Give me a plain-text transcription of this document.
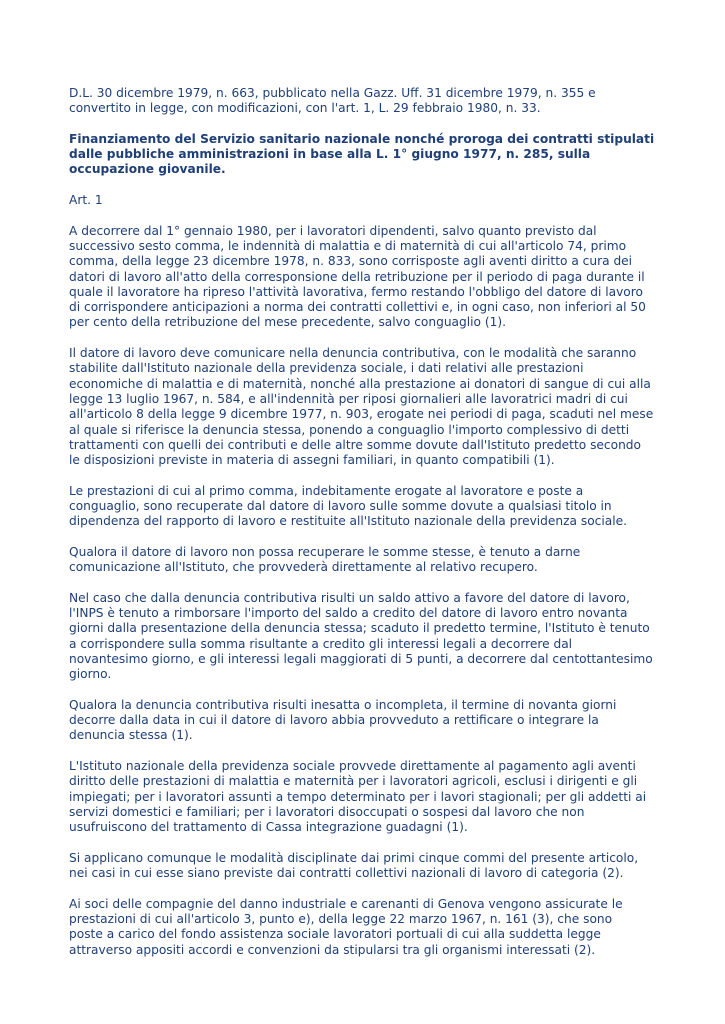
D.L. 30 dicembre 1979, n. 663, pubblicato nella Gazz. Uff. 31 dicembre 1979, n. 355 e
convertito in legge, con modificazioni, con l'art. 1, L. 29 febbraio 1980, n. 33.

Finanziamento del Servizio sanitario nazionale nonché proroga dei contratti stipulati
dalle pubbliche amministrazioni in base alla L. 1° giugno 1977, n. 285, sulla
occupazione giovanile.

Art. 1

A decorrere dal 1° gennaio 1980, per i lavoratori dipendenti, salvo quanto previsto dal
successivo sesto comma, le indennità di malattia e di maternità di cui all'articolo 74, primo
comma, della legge 23 dicembre 1978, n. 833, sono corrisposte agli aventi diritto a cura dei
datori di lavoro all'atto della corresponsione della retribuzione per il periodo di paga durante il
quale il lavoratore ha ripreso l'attività lavorativa, fermo restando l'obbligo del datore di lavoro
di corrispondere anticipazioni a norma dei contratti collettivi e, in ogni caso, non inferiori al 50
per cento della retribuzione del mese precedente, salvo conguaglio (1).

Il datore di lavoro deve comunicare nella denuncia contributiva, con le modalità che saranno
stabilite dall'Istituto nazionale della previdenza sociale, i dati relativi alle prestazioni
economiche di malattia e di maternità, nonché alla prestazione ai donatori di sangue di cui alla
legge 13 luglio 1967, n. 584, e all'indennità per riposi giornalieri alle lavoratrici madri di cui
all'articolo 8 della legge 9 dicembre 1977, n. 903, erogate nei periodi di paga, scaduti nel mese
al quale si riferisce la denuncia stessa, ponendo a conguaglio l'importo complessivo di detti
trattamenti con quelli dei contributi e delle altre somme dovute dall'Istituto predetto secondo
le disposizioni previste in materia di assegni familiari, in quanto compatibili (1).

Le prestazioni di cui al primo comma, indebitamente erogate al lavoratore e poste a
conguaglio, sono recuperate dal datore di lavoro sulle somme dovute a qualsiasi titolo in
dipendenza del rapporto di lavoro e restituite all'Istituto nazionale della previdenza sociale.

Qualora il datore di lavoro non possa recuperare le somme stesse, è tenuto a darne
comunicazione all'Istituto, che provvederà direttamente al relativo recupero.

Nel caso che dalla denuncia contributiva risulti un saldo attivo a favore del datore di lavoro,
l'INPS è tenuto a rimborsare l'importo del saldo a credito del datore di lavoro entro novanta
giorni dalla presentazione della denuncia stessa; scaduto il predetto termine, l'Istituto è tenuto
a corrispondere sulla somma risultante a credito gli interessi legali a decorrere dal
novantesimo giorno, e gli interessi legali maggiorati di 5 punti, a decorrere dal centottantesimo
giorno.

Qualora la denuncia contributiva risulti inesatta o incompleta, il termine di novanta giorni
decorre dalla data in cui il datore di lavoro abbia provveduto a rettificare o integrare la
denuncia stessa (1).

L'Istituto nazionale della previdenza sociale provvede direttamente al pagamento agli aventi
diritto delle prestazioni di malattia e maternità per i lavoratori agricoli, esclusi i dirigenti e gli
impiegati; per i lavoratori assunti a tempo determinato per i lavori stagionali; per gli addetti ai
servizi domestici e familiari; per i lavoratori disoccupati o sospesi dal lavoro che non
usufruiscono del trattamento di Cassa integrazione guadagni (1).

Si applicano comunque le modalità disciplinate dai primi cinque commi del presente articolo,
nei casi in cui esse siano previste dai contratti collettivi nazionali di lavoro di categoria (2).

Ai soci delle compagnie del danno industriale e carenanti di Genova vengono assicurate le
prestazioni di cui all'articolo 3, punto e), della legge 22 marzo 1967, n. 161 (3), che sono
poste a carico del fondo assistenza sociale lavoratori portuali di cui alla suddetta legge
attraverso appositi accordi e convenzioni da stipularsi tra gli organismi interessati (2).
